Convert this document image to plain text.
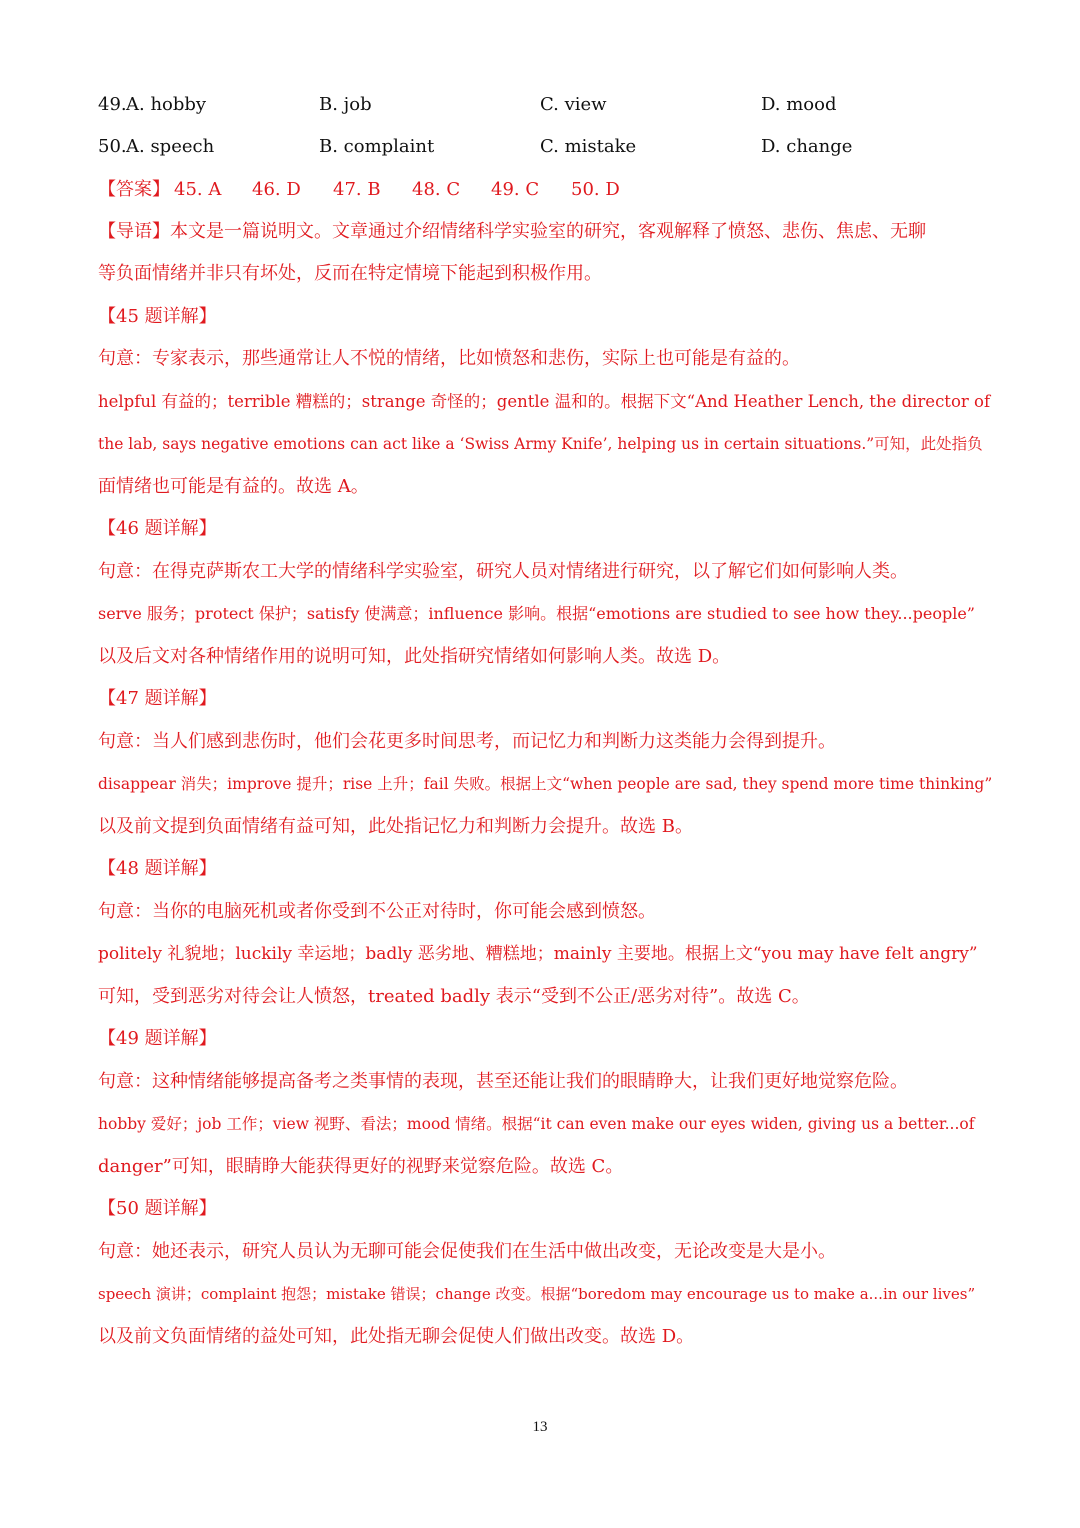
49. A. hobby	B. job	C. view	D. mood
50. A. speech	B. complaint	C. mistake	D. change
【答案】 45. A 46. D 47. B 48. C 49. C 50. D
【导语】本文是一篇说明文。文章通过介绍情绪科学实验室的研究，客观解释了愤怒、悲伤、焦虑、无聊
等负面情绪并非只有坏处，反而在特定情境下能起到积极作用。
【45 题详解】
句意：专家表示，那些通常让人不悦的情绪，比如愤怒和悲伤，实际上也可能是有益的。
helpful 有益的；terrible 糟糕的；strange 奇怪的；gentle 温和的。根据下文“And Heather Lench, the director of
the lab, says negative emotions can act like a ‘Swiss Army Knife’, helping us in certain situations.”可知，此处指负
面情绪也可能是有益的。故选 A。
【46 题详解】
句意：在得克萨斯农工大学的情绪科学实验室，研究人员对情绪进行研究，以了解它们如何影响人类。
serve 服务；protect 保护；satisfy 使满意；influence 影响。根据“emotions are studied to see how they...people”
以及后文对各种情绪作用的说明可知，此处指研究情绪如何影响人类。故选 D。
【47 题详解】
句意：当人们感到悲伤时，他们会花更多时间思考，而记忆力和判断力这类能力会得到提升。
disappear 消失；improve 提升；rise 上升；fail 失败。根据上文“when people are sad, they spend more time thinking”
以及前文提到负面情绪有益可知，此处指记忆力和判断力会提升。故选 B。
【48 题详解】
句意：当你的电脑死机或者你受到不公正对待时，你可能会感到愤怒。
politely 礼貌地；luckily 幸运地；badly 恶劣地、糟糕地；mainly 主要地。根据上文“you may have felt angry”
可知，受到恶劣对待会让人愤怒，treated badly 表示“受到不公正/恶劣对待”。故选 C。
【49 题详解】
句意：这种情绪能够提高备考之类事情的表现，甚至还能让我们的眼睛睁大，让我们更好地觉察危险。
hobby 爱好；job 工作；view 视野、看法；mood 情绪。根据“it can even make our eyes widen, giving us a better...of
danger”可知，眼睛睁大能获得更好的视野来觉察危险。故选 C。
【50 题详解】
句意：她还表示，研究人员认为无聊可能会促使我们在生活中做出改变，无论改变是大是小。
speech 演讲；complaint 抱怨；mistake 错误；change 改变。根据“boredom may encourage us to make a...in our lives”
以及前文负面情绪的益处可知，此处指无聊会促使人们做出改变。故选 D。
13
